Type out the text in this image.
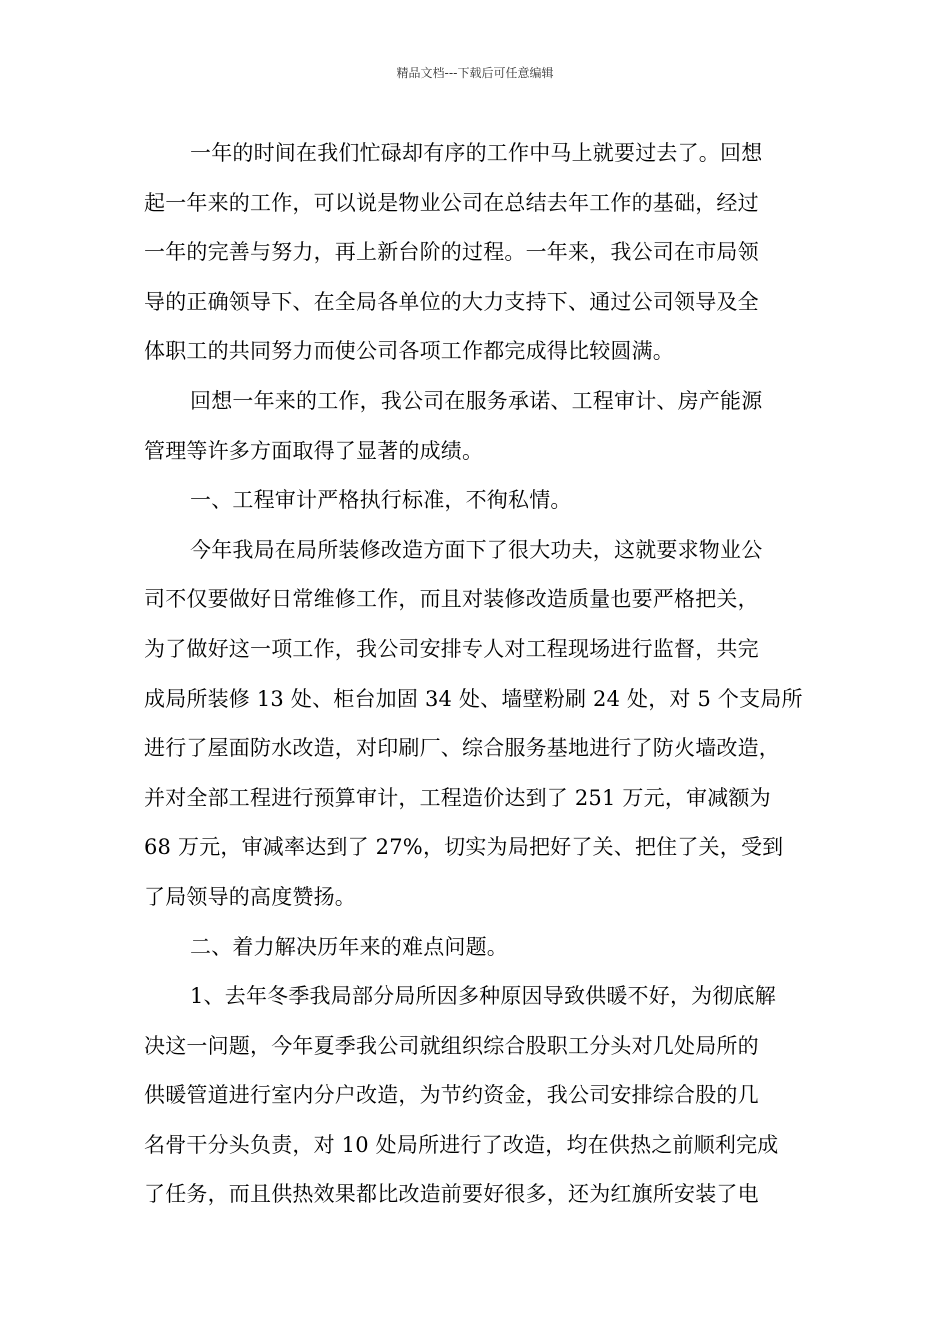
精品文档---下载后可任意编辑

一年的时间在我们忙碌却有序的工作中马上就要过去了。回想

起一年来的工作，可以说是物业公司在总结去年工作的基础，经过

一年的完善与努力，再上新台阶的过程。一年来，我公司在市局领

导的正确领导下、在全局各单位的大力支持下、通过公司领导及全

体职工的共同努力而使公司各项工作都完成得比较圆满。

回想一年来的工作，我公司在服务承诺、工程审计、房产能源

管理等许多方面取得了显著的成绩。

一、工程审计严格执行标准，不徇私情。

今年我局在局所装修改造方面下了很大功夫，这就要求物业公

司不仅要做好日常维修工作，而且对装修改造质量也要严格把关，

为了做好这一项工作，我公司安排专人对工程现场进行监督，共完

成局所装修 13 处、柜台加固 34 处、墙壁粉刷 24 处，对 5 个支局所

进行了屋面防水改造，对印刷厂、综合服务基地进行了防火墙改造，

并对全部工程进行预算审计，工程造价达到了 251 万元，审减额为

68 万元，审减率达到了 27%，切实为局把好了关、把住了关，受到

了局领导的高度赞扬。

二、着力解决历年来的难点问题。

1、去年冬季我局部分局所因多种原因导致供暖不好，为彻底解

决这一问题，今年夏季我公司就组织综合股职工分头对几处局所的

供暖管道进行室内分户改造，为节约资金，我公司安排综合股的几

名骨干分头负责，对 10 处局所进行了改造，均在供热之前顺利完成

了任务，而且供热效果都比改造前要好很多，还为红旗所安装了电
